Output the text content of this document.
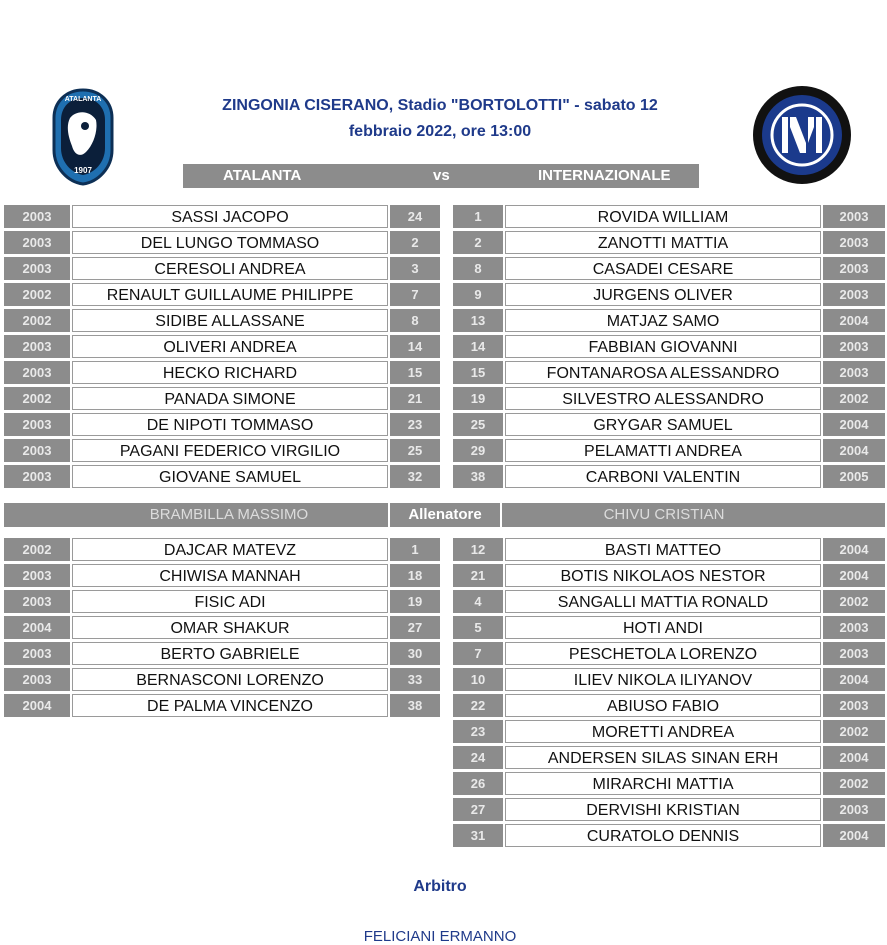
ATALANTA
1907
ZINGONIA CISERANO, Stadio "BORTOLOTTI" - sabato 12
febbraio 2022, ore 13:00
ATALANTA	vs	INTERNAZIONALE
2003	SASSI JACOPO	24
2003	DEL LUNGO TOMMASO	2
2003	CERESOLI ANDREA	3
2002	RENAULT GUILLAUME PHILIPPE	7
2002	SIDIBE ALLASSANE	8
2003	OLIVERI ANDREA	14
2003	HECKO RICHARD	15
2002	PANADA SIMONE	21
2003	DE NIPOTI TOMMASO	23
2003	PAGANI FEDERICO VIRGILIO	25
2003	GIOVANE SAMUEL	32
1	ROVIDA WILLIAM	2003
2	ZANOTTI MATTIA	2003
8	CASADEI CESARE	2003
9	JURGENS OLIVER	2003
13	MATJAZ SAMO	2004
14	FABBIAN GIOVANNI	2003
15	FONTANAROSA ALESSANDRO	2003
19	SILVESTRO ALESSANDRO	2002
25	GRYGAR SAMUEL	2004
29	PELAMATTI ANDREA	2004
38	CARBONI VALENTIN	2005
BRAMBILLA MASSIMO	Allenatore	CHIVU CRISTIAN
2002	DAJCAR MATEVZ	1
2003	CHIWISA MANNAH	18
2003	FISIC ADI	19
2004	OMAR SHAKUR	27
2003	BERTO GABRIELE	30
2003	BERNASCONI LORENZO	33
2004	DE PALMA VINCENZO	38
12	BASTI MATTEO	2004
21	BOTIS NIKOLAOS NESTOR	2004
4	SANGALLI MATTIA RONALD	2002
5	HOTI ANDI	2003
7	PESCHETOLA LORENZO	2003
10	ILIEV NIKOLA ILIYANOV	2004
22	ABIUSO FABIO	2003
23	MORETTI ANDREA	2002
24	ANDERSEN SILAS SINAN ERH	2004
26	MIRARCHI MATTIA	2002
27	DERVISHI KRISTIAN	2003
31	CURATOLO DENNIS	2004
Arbitro
FELICIANI ERMANNO
